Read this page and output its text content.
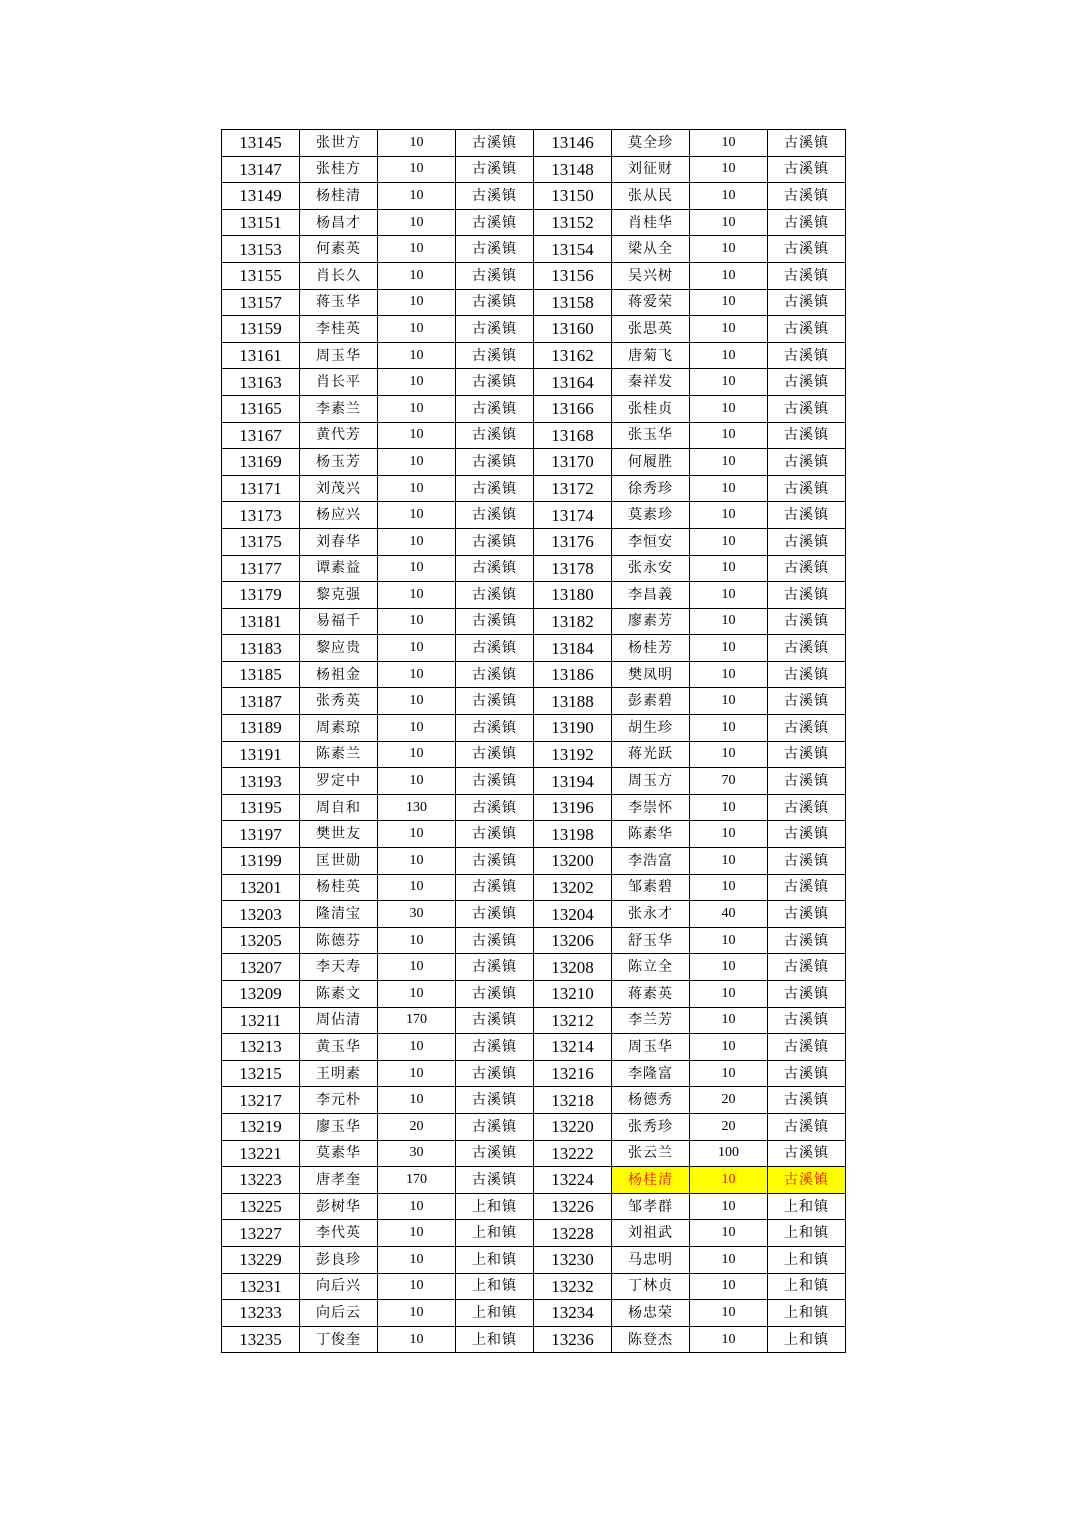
13145	张世方	10	古溪镇	13146	莫全珍	10	古溪镇
13147	张桂方	10	古溪镇	13148	刘征财	10	古溪镇
13149	杨桂清	10	古溪镇	13150	张从民	10	古溪镇
13151	杨昌才	10	古溪镇	13152	肖桂华	10	古溪镇
13153	何素英	10	古溪镇	13154	梁从全	10	古溪镇
13155	肖长久	10	古溪镇	13156	吴兴树	10	古溪镇
13157	蒋玉华	10	古溪镇	13158	蒋爱荣	10	古溪镇
13159	李桂英	10	古溪镇	13160	张思英	10	古溪镇
13161	周玉华	10	古溪镇	13162	唐菊飞	10	古溪镇
13163	肖长平	10	古溪镇	13164	秦祥发	10	古溪镇
13165	李素兰	10	古溪镇	13166	张桂贞	10	古溪镇
13167	黄代芳	10	古溪镇	13168	张玉华	10	古溪镇
13169	杨玉芳	10	古溪镇	13170	何履胜	10	古溪镇
13171	刘茂兴	10	古溪镇	13172	徐秀珍	10	古溪镇
13173	杨应兴	10	古溪镇	13174	莫素珍	10	古溪镇
13175	刘春华	10	古溪镇	13176	李恒安	10	古溪镇
13177	谭素益	10	古溪镇	13178	张永安	10	古溪镇
13179	黎克强	10	古溪镇	13180	李昌義	10	古溪镇
13181	易福千	10	古溪镇	13182	廖素芳	10	古溪镇
13183	黎应贵	10	古溪镇	13184	杨桂芳	10	古溪镇
13185	杨祖金	10	古溪镇	13186	樊凤明	10	古溪镇
13187	张秀英	10	古溪镇	13188	彭素碧	10	古溪镇
13189	周素琼	10	古溪镇	13190	胡生珍	10	古溪镇
13191	陈素兰	10	古溪镇	13192	蒋光跃	10	古溪镇
13193	罗定中	10	古溪镇	13194	周玉方	70	古溪镇
13195	周自和	130	古溪镇	13196	李崇怀	10	古溪镇
13197	樊世友	10	古溪镇	13198	陈素华	10	古溪镇
13199	匡世勋	10	古溪镇	13200	李浩富	10	古溪镇
13201	杨桂英	10	古溪镇	13202	邹素碧	10	古溪镇
13203	隆清宝	30	古溪镇	13204	张永才	40	古溪镇
13205	陈德芬	10	古溪镇	13206	舒玉华	10	古溪镇
13207	李天寿	10	古溪镇	13208	陈立全	10	古溪镇
13209	陈素文	10	古溪镇	13210	蒋素英	10	古溪镇
13211	周佔清	170	古溪镇	13212	李兰芳	10	古溪镇
13213	黄玉华	10	古溪镇	13214	周玉华	10	古溪镇
13215	王明素	10	古溪镇	13216	李隆富	10	古溪镇
13217	李元朴	10	古溪镇	13218	杨德秀	20	古溪镇
13219	廖玉华	20	古溪镇	13220	张秀珍	20	古溪镇
13221	莫素华	30	古溪镇	13222	张云兰	100	古溪镇
13223	唐孝奎	170	古溪镇	13224	杨桂清	10	古溪镇
13225	彭树华	10	上和镇	13226	邹孝群	10	上和镇
13227	李代英	10	上和镇	13228	刘祖武	10	上和镇
13229	彭良珍	10	上和镇	13230	马忠明	10	上和镇
13231	向后兴	10	上和镇	13232	丁林贞	10	上和镇
13233	向后云	10	上和镇	13234	杨忠荣	10	上和镇
13235	丁俊奎	10	上和镇	13236	陈登杰	10	上和镇
